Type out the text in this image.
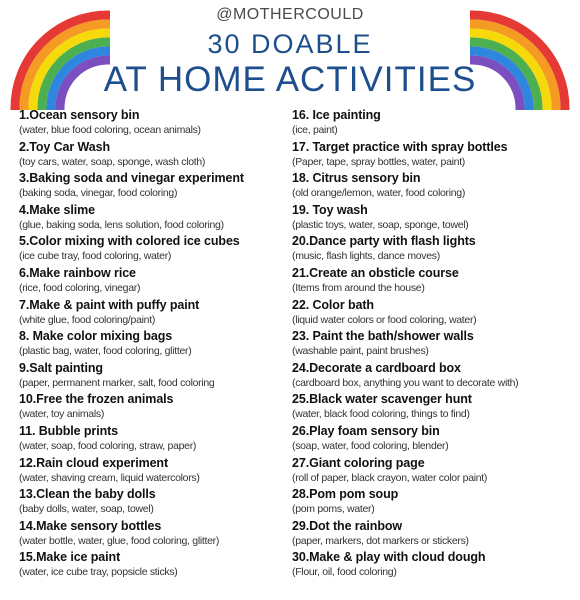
@MOTHERCOULD
30 DOABLE
AT HOME ACTIVITIES
1.Ocean sensory bin
(water, blue food coloring, ocean animals)
2.Toy Car Wash
(toy cars, water, soap, sponge, wash cloth)
3.Baking soda and vinegar experiment
(baking soda, vinegar, food coloring)
4.Make slime
(glue, baking soda, lens solution, food coloring)
5.Color mixing with colored ice cubes
(ice cube tray, food coloring, water)
6.Make rainbow rice
(rice, food coloring, vinegar)
7.Make & paint with puffy paint
(white glue, food coloring/paint)
8. Make color mixing bags
(plastic bag, water, food coloring, glitter)
9.Salt painting
(paper, permanent marker, salt, food coloring
10.Free the frozen animals
(water, toy animals)
11. Bubble prints
(water, soap, food coloring, straw, paper)
12.Rain cloud experiment
(water, shaving cream, liquid watercolors)
13.Clean the baby dolls
(baby dolls, water, soap, towel)
14.Make sensory bottles
(water bottle, water, glue, food coloring, glitter)
15.Make ice paint
(water, ice cube tray, popsicle sticks)
16. Ice painting
(ice, paint)
17. Target practice with spray bottles
(Paper, tape, spray bottles, water, paint)
18. Citrus sensory bin
(old orange/lemon, water, food coloring)
19. Toy wash
(plastic toys, water, soap, sponge, towel)
20.Dance party with flash lights
(music, flash lights, dance moves)
21.Create an obsticle course
(Items from around the house)
22. Color bath
(liquid water colors or food coloring, water)
23. Paint the bath/shower walls
(washable paint, paint brushes)
24.Decorate a cardboard box
(cardboard box, anything you want to decorate with)
25.Black water scavenger hunt
(water, black food coloring, things to find)
26.Play foam sensory bin
(soap, water, food coloring, blender)
27.Giant coloring page
(roll of paper, black crayon, water color paint)
28.Pom pom soup
(pom poms, water)
29.Dot the rainbow
(paper, markers, dot markers or stickers)
30.Make & play with cloud dough
(Flour, oil, food coloring)
